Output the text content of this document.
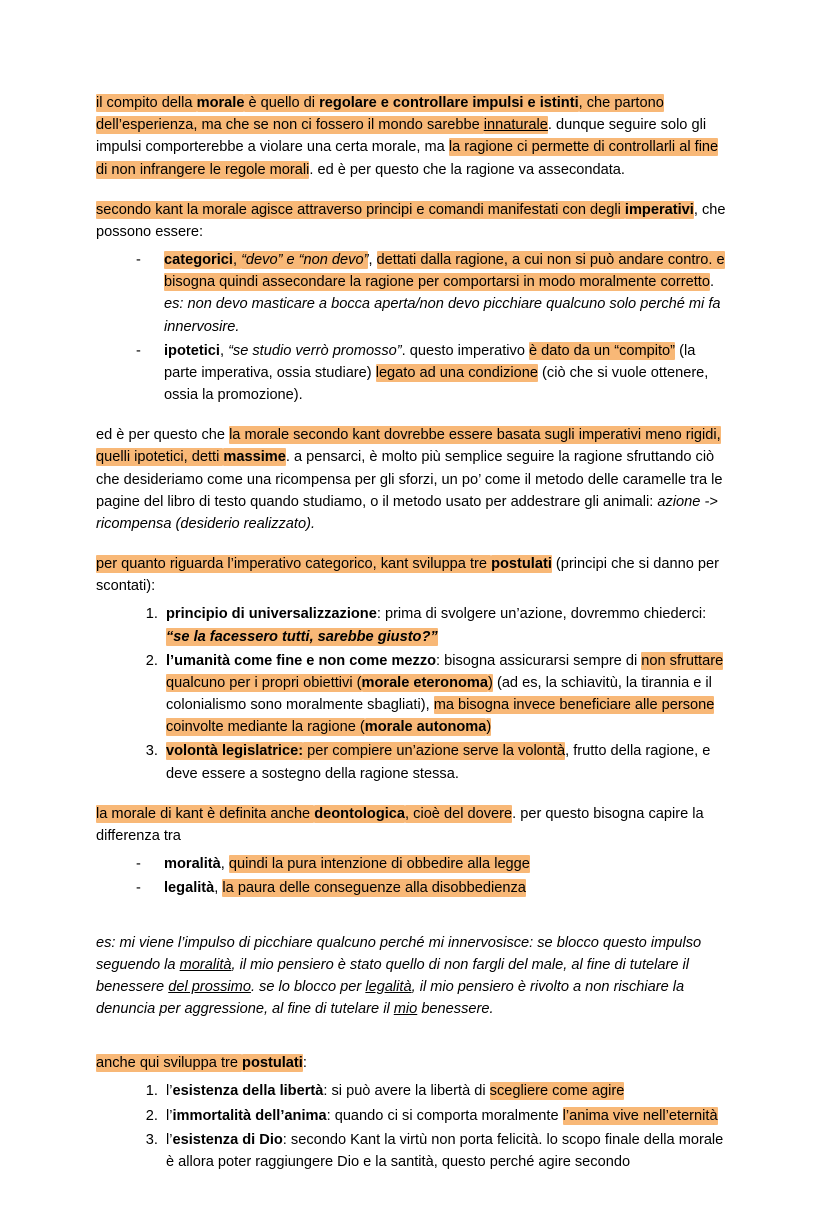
il compito della morale è quello di regolare e controllare impulsi e istinti, che partono dell’esperienza, ma che se non ci fossero il mondo sarebbe innaturale. dunque seguire solo gli impulsi comporterebbe a violare una certa morale, ma la ragione ci permette di controllarli al fine di non infrangere le regole morali. ed è per questo che la ragione va assecondata.

secondo kant la morale agisce attraverso principi e comandi manifestati con degli imperativi, che possono essere:

- categorici, “devo” e “non devo”, dettati dalla ragione, a cui non si può andare contro. e bisogna quindi assecondare la ragione per comportarsi in modo moralmente corretto. es: non devo masticare a bocca aperta/non devo picchiare qualcuno solo perché mi fa innervosire.
- ipotetici, “se studio verrò promosso”. questo imperativo è dato da un “compito” (la parte imperativa, ossia studiare) legato ad una condizione (ciò che si vuole ottenere, ossia la promozione).

ed è per questo che la morale secondo kant dovrebbe essere basata sugli imperativi meno rigidi, quelli ipotetici, detti massime. a pensarci, è molto più semplice seguire la ragione sfruttando ciò che desideriamo come una ricompensa per gli sforzi, un po’ come il metodo delle caramelle tra le pagine del libro di testo quando studiamo, o il metodo usato per addestrare gli animali: azione -> ricompensa (desiderio realizzato).

per quanto riguarda l’imperativo categorico, kant sviluppa tre postulati (principi che si danno per scontati):

1. principio di universalizzazione: prima di svolgere un’azione, dovremmo chiederci: “se la facessero tutti, sarebbe giusto?”
2. l’umanità come fine e non come mezzo: bisogna assicurarsi sempre di non sfruttare qualcuno per i propri obiettivi (morale eteronoma) (ad es, la schiavitù, la tirannia e il colonialismo sono moralmente sbagliati), ma bisogna invece beneficiare alle persone coinvolte mediante la ragione (morale autonoma)
3. volontà legislatrice: per compiere un’azione serve la volontà, frutto della ragione, e deve essere a sostegno della ragione stessa.

la morale di kant è definita anche deontologica, cioè del dovere. per questo bisogna capire la differenza tra

- moralità, quindi la pura intenzione di obbedire alla legge
- legalità, la paura delle conseguenze alla disobbedienza

es: mi viene l’impulso di picchiare qualcuno perché mi innervosisce: se blocco questo impulso seguendo la moralità, il mio pensiero è stato quello di non fargli del male, al fine di tutelare il benessere del prossimo. se lo blocco per legalità, il mio pensiero è rivolto a non rischiare la denuncia per aggressione, al fine di tutelare il mio benessere.

anche qui sviluppa tre postulati:

1. l’esistenza della libertà: si può avere la libertà di scegliere come agire
2. l’immortalità dell’anima: quando ci si comporta moralmente l’anima vive nell’eternità
3. l’esistenza di Dio: secondo Kant la virtù non porta felicità. lo scopo finale della morale è allora poter raggiungere Dio e la santità, questo perché agire secondo
